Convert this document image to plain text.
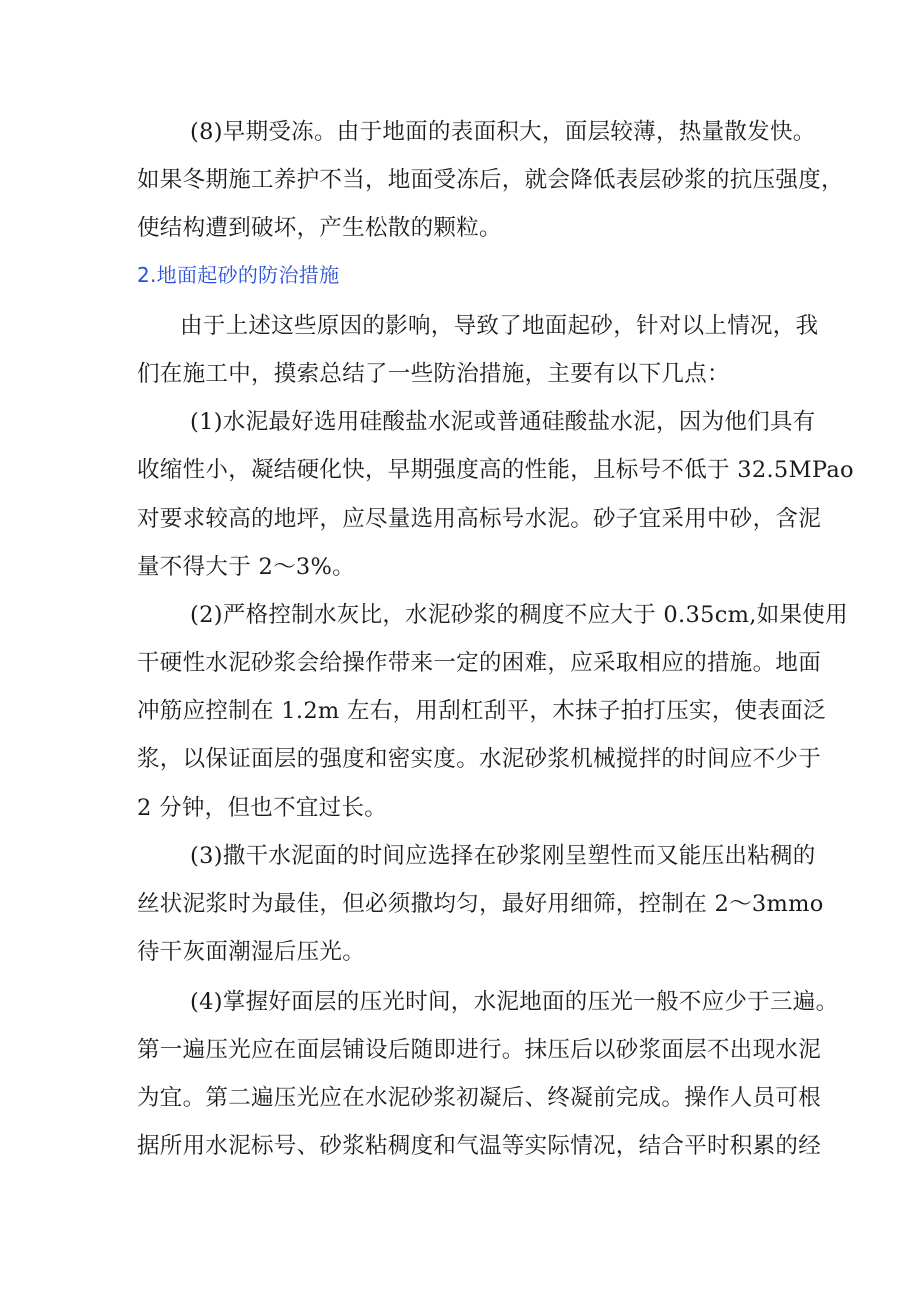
(8)早期受冻。由于地面的表面积大，面层较薄，热量散发快。
如果冬期施工养护不当，地面受冻后，就会降低表层砂浆的抗压强度，
使结构遭到破坏，产生松散的颗粒。
2.地面起砂的防治措施
由于上述这些原因的影响，导致了地面起砂，针对以上情况，我
们在施工中，摸索总结了一些防治措施，主要有以下几点：
(1)水泥最好选用硅酸盐水泥或普通硅酸盐水泥，因为他们具有
收缩性小，凝结硬化快，早期强度高的性能，且标号不低于 32.5MPao
对要求较高的地坪，应尽量选用高标号水泥。砂子宜采用中砂，含泥
量不得大于 2〜3%。
(2)严格控制水灰比，水泥砂浆的稠度不应大于 0.35cm,如果使用
干硬性水泥砂浆会给操作带来一定的困难，应采取相应的措施。地面
冲筋应控制在 1.2m 左右，用刮杠刮平，木抹子拍打压实，使表面泛
浆，以保证面层的强度和密实度。水泥砂浆机械搅拌的时间应不少于
2 分钟，但也不宜过长。
(3)撒干水泥面的时间应选择在砂浆刚呈塑性而又能压出粘稠的
丝状泥浆时为最佳，但必须撒均匀，最好用细筛，控制在 2〜3mmo
待干灰面潮湿后压光。
(4)掌握好面层的压光时间，水泥地面的压光一般不应少于三遍。
第一遍压光应在面层铺设后随即进行。抹压后以砂浆面层不出现水泥
为宜。第二遍压光应在水泥砂浆初凝后、终凝前完成。操作人员可根
据所用水泥标号、砂浆粘稠度和气温等实际情况，结合平时积累的经
